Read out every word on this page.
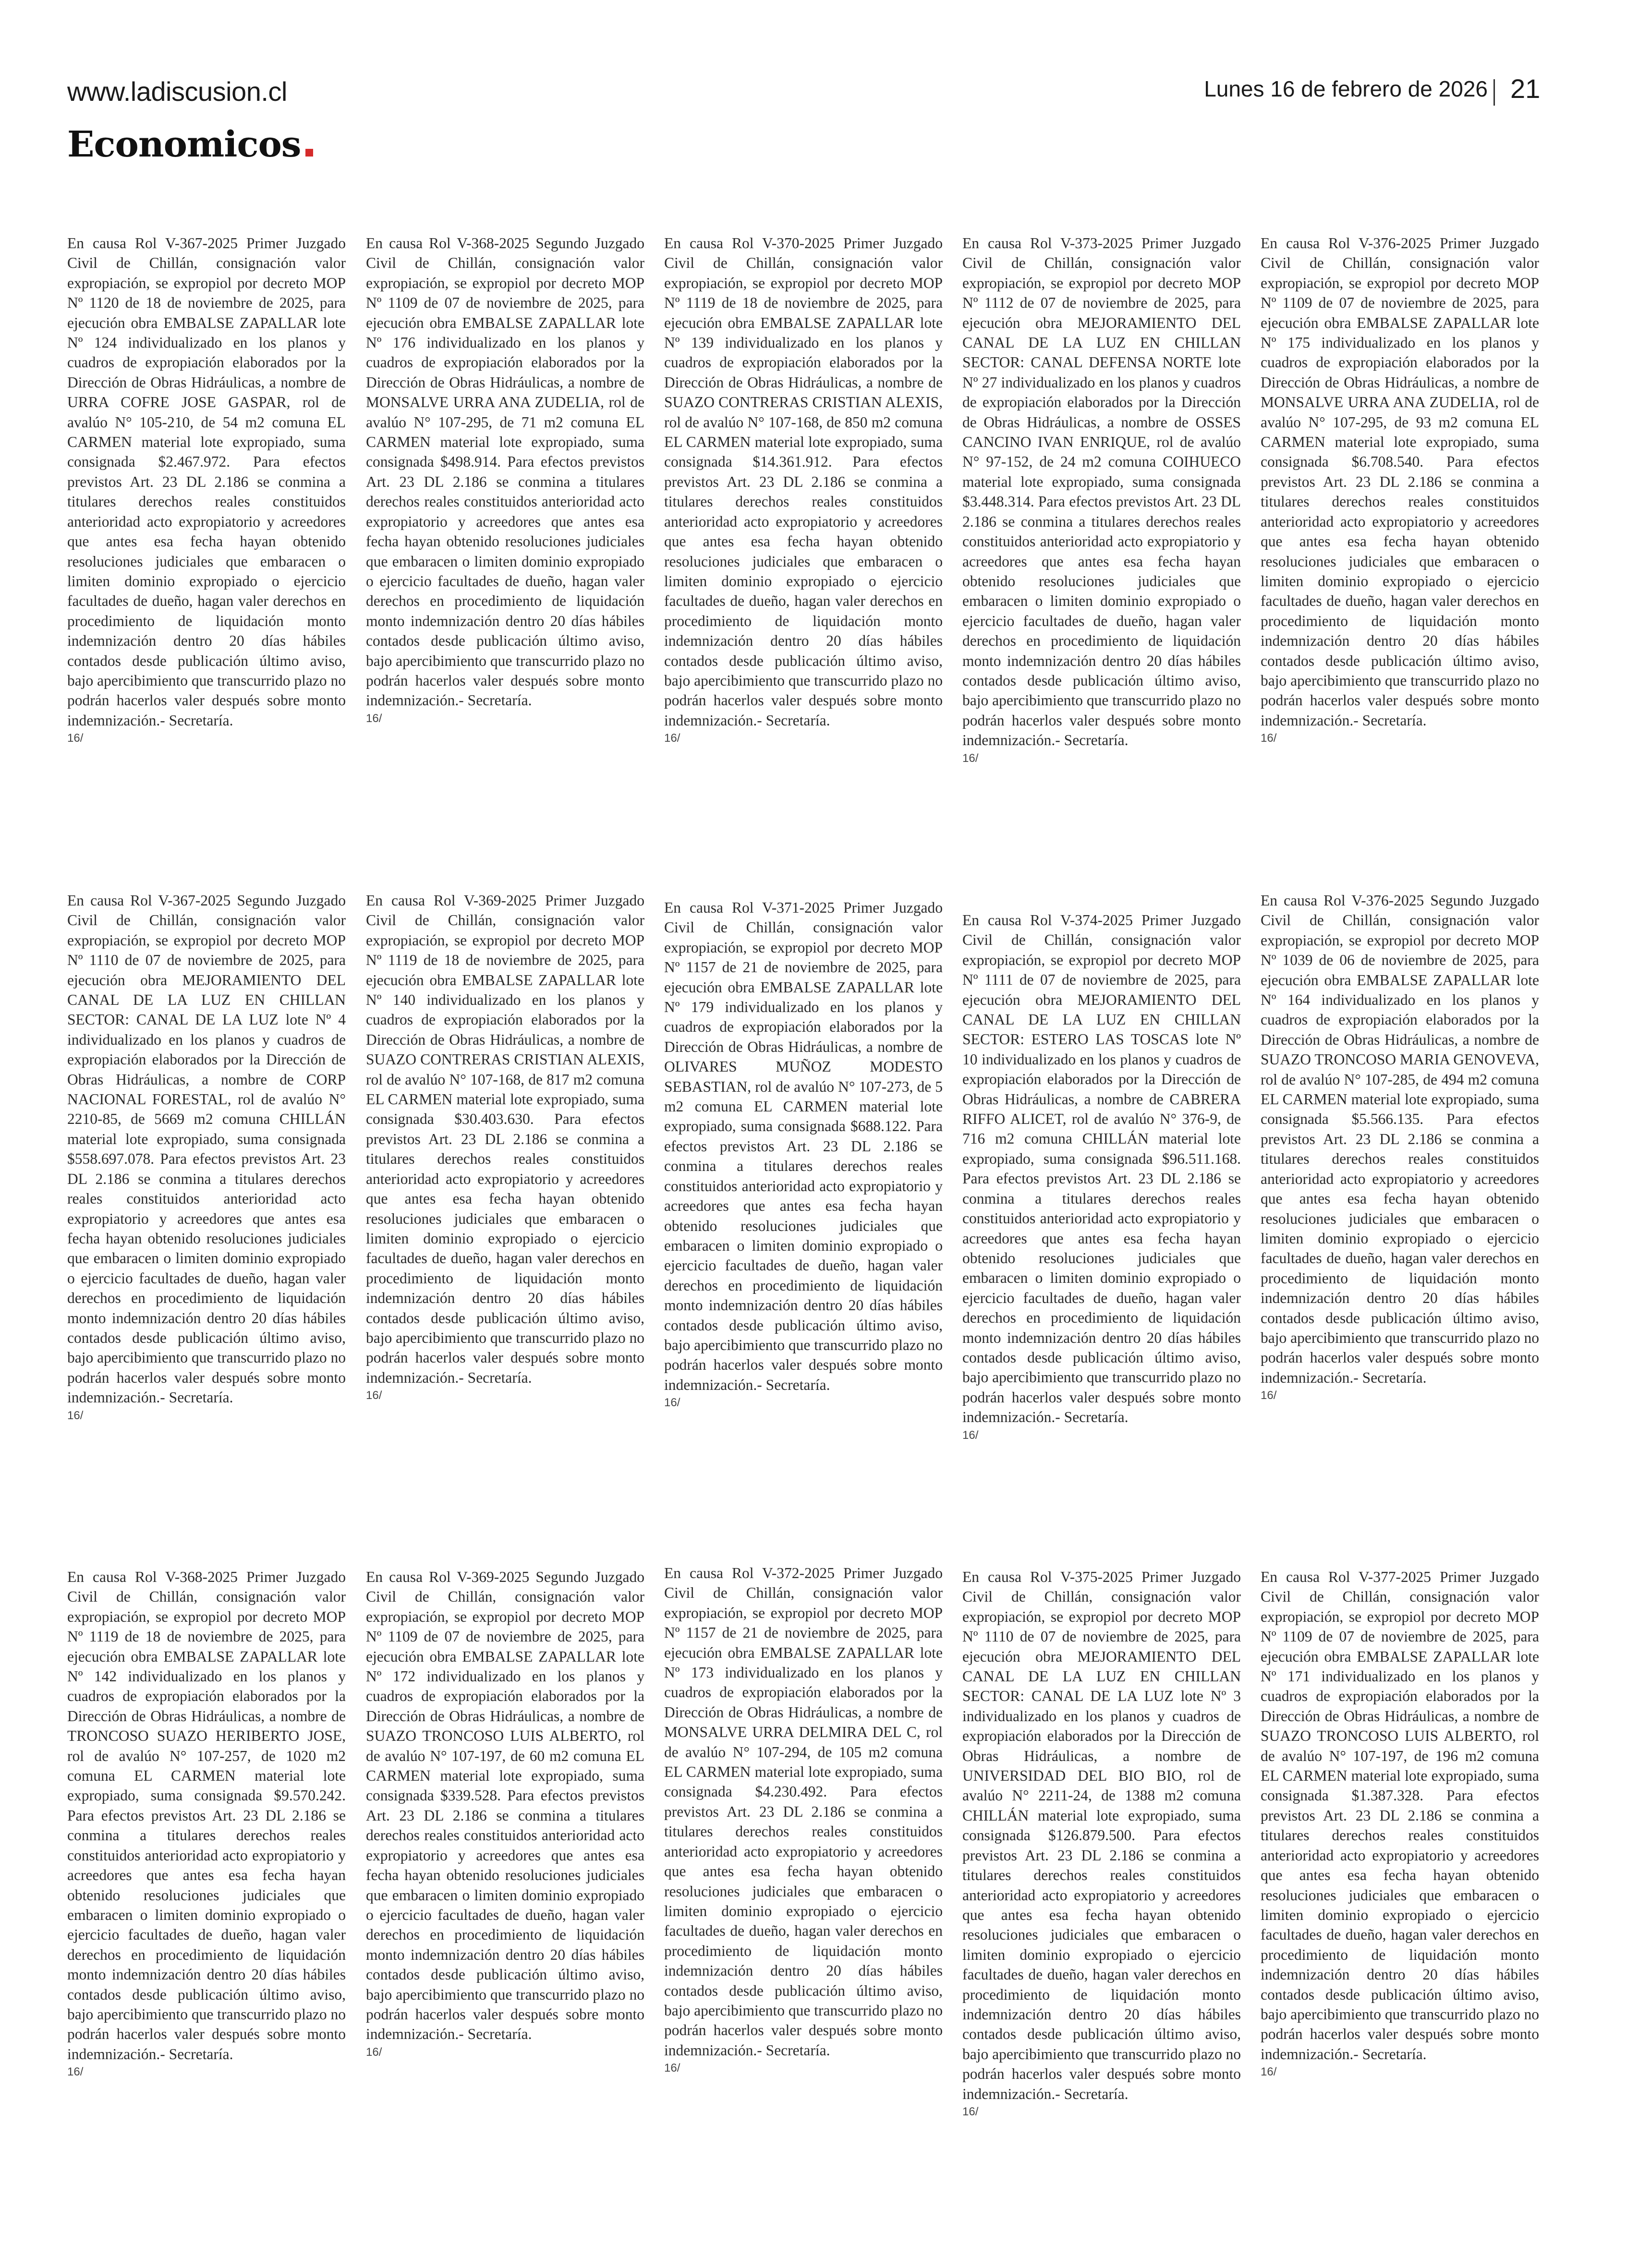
www.ladiscusion.cl	Lunes 16 de febrero de 2026 21
Economicos
En causa Rol V-367-2025 Primer Juzgado Civil de Chillán, consignación valor expropiación, se expropiol por decreto MOP Nº 1120 de 18 de noviembre de 2025, para ejecución obra EMBALSE ZAPALLAR lote Nº 124 individualizado en los planos y cuadros de expropiación elaborados por la Dirección de Obras Hidráulicas, a nombre de URRA COFRE JOSE GASPAR, rol de avalúo N° 105-210, de 54 m2 comuna EL CARMEN material lote expropiado, suma consignada $2.467.972. Para efectos previstos Art. 23 DL 2.186 se conmina a titulares derechos reales constituidos anterioridad acto expropiatorio y acreedores que antes esa fecha hayan obtenido resoluciones judiciales que embaracen o limiten dominio expropiado o ejercicio facultades de dueño, hagan valer derechos en procedimiento de liquidación monto indemnización dentro 20 días hábiles contados desde publicación último aviso, bajo apercibimiento que transcurrido plazo no podrán hacerlos valer después sobre monto indemnización.- Secretaría.
16/
En causa Rol V-368-2025 Segundo Juzgado Civil de Chillán, consignación valor expropiación, se expropiol por decreto MOP Nº 1109 de 07 de noviembre de 2025, para ejecución obra EMBALSE ZAPALLAR lote Nº 176 individualizado en los planos y cuadros de expropiación elaborados por la Dirección de Obras Hidráulicas, a nombre de MONSALVE URRA ANA ZUDELIA, rol de avalúo N° 107-295, de 71 m2 comuna EL CARMEN material lote expropiado, suma consignada $498.914. Para efectos previstos Art. 23 DL 2.186 se conmina a titulares derechos reales constituidos anterioridad acto expropiatorio y acreedores que antes esa fecha hayan obtenido resoluciones judiciales que embaracen o limiten dominio expropiado o ejercicio facultades de dueño, hagan valer derechos en procedimiento de liquidación monto indemnización dentro 20 días hábiles contados desde publicación último aviso, bajo apercibimiento que transcurrido plazo no podrán hacerlos valer después sobre monto indemnización.- Secretaría.
16/
En causa Rol V-370-2025 Primer Juzgado Civil de Chillán, consignación valor expropiación, se expropiol por decreto MOP Nº 1119 de 18 de noviembre de 2025, para ejecución obra EMBALSE ZAPALLAR lote Nº 139 individualizado en los planos y cuadros de expropiación elaborados por la Dirección de Obras Hidráulicas, a nombre de SUAZO CONTRERAS CRISTIAN ALEXIS, rol de avalúo N° 107-168, de 850 m2 comuna EL CARMEN material lote expropiado, suma consignada $14.361.912. Para efectos previstos Art. 23 DL 2.186 se conmina a titulares derechos reales constituidos anterioridad acto expropiatorio y acreedores que antes esa fecha hayan obtenido resoluciones judiciales que embaracen o limiten dominio expropiado o ejercicio facultades de dueño, hagan valer derechos en procedimiento de liquidación monto indemnización dentro 20 días hábiles contados desde publicación último aviso, bajo apercibimiento que transcurrido plazo no podrán hacerlos valer después sobre monto indemnización.- Secretaría.
16/
En causa Rol V-373-2025 Primer Juzgado Civil de Chillán, consignación valor expropiación, se expropiol por decreto MOP Nº 1112 de 07 de noviembre de 2025, para ejecución obra MEJORAMIENTO DEL CANAL DE LA LUZ EN CHILLAN SECTOR: CANAL DEFENSA NORTE lote Nº 27 individualizado en los planos y cuadros de expropiación elaborados por la Dirección de Obras Hidráulicas, a nombre de OSSES CANCINO IVAN ENRIQUE, rol de avalúo N° 97-152, de 24 m2 comuna COIHUECO material lote expropiado, suma consignada $3.448.314. Para efectos previstos Art. 23 DL 2.186 se conmina a titulares derechos reales constituidos anterioridad acto expropiatorio y acreedores que antes esa fecha hayan obtenido resoluciones judiciales que embaracen o limiten dominio expropiado o ejercicio facultades de dueño, hagan valer derechos en procedimiento de liquidación monto indemnización dentro 20 días hábiles contados desde publicación último aviso, bajo apercibimiento que transcurrido plazo no podrán hacerlos valer después sobre monto indemnización.- Secretaría.
16/
En causa Rol V-376-2025 Primer Juzgado Civil de Chillán, consignación valor expropiación, se expropiol por decreto MOP Nº 1109 de 07 de noviembre de 2025, para ejecución obra EMBALSE ZAPALLAR lote Nº 175 individualizado en los planos y cuadros de expropiación elaborados por la Dirección de Obras Hidráulicas, a nombre de MONSALVE URRA ANA ZUDELIA, rol de avalúo N° 107-295, de 93 m2 comuna EL CARMEN material lote expropiado, suma consignada $6.708.540. Para efectos previstos Art. 23 DL 2.186 se conmina a titulares derechos reales constituidos anterioridad acto expropiatorio y acreedores que antes esa fecha hayan obtenido resoluciones judiciales que embaracen o limiten dominio expropiado o ejercicio facultades de dueño, hagan valer derechos en procedimiento de liquidación monto indemnización dentro 20 días hábiles contados desde publicación último aviso, bajo apercibimiento que transcurrido plazo no podrán hacerlos valer después sobre monto indemnización.- Secretaría.
16/
En causa Rol V-367-2025 Segundo Juzgado Civil de Chillán, consignación valor expropiación, se expropiol por decreto MOP Nº 1110 de 07 de noviembre de 2025, para ejecución obra MEJORAMIENTO DEL CANAL DE LA LUZ EN CHILLAN SECTOR: CANAL DE LA LUZ lote Nº 4 individualizado en los planos y cuadros de expropiación elaborados por la Dirección de Obras Hidráulicas, a nombre de CORP NACIONAL FORESTAL, rol de avalúo N° 2210-85, de 5669 m2 comuna CHILLÁN material lote expropiado, suma consignada $558.697.078. Para efectos previstos Art. 23 DL 2.186 se conmina a titulares derechos reales constituidos anterioridad acto expropiatorio y acreedores que antes esa fecha hayan obtenido resoluciones judiciales que embaracen o limiten dominio expropiado o ejercicio facultades de dueño, hagan valer derechos en procedimiento de liquidación monto indemnización dentro 20 días hábiles contados desde publicación último aviso, bajo apercibimiento que transcurrido plazo no podrán hacerlos valer después sobre monto indemnización.- Secretaría.
16/
En causa Rol V-369-2025 Primer Juzgado Civil de Chillán, consignación valor expropiación, se expropiol por decreto MOP Nº 1119 de 18 de noviembre de 2025, para ejecución obra EMBALSE ZAPALLAR lote Nº 140 individualizado en los planos y cuadros de expropiación elaborados por la Dirección de Obras Hidráulicas, a nombre de SUAZO CONTRERAS CRISTIAN ALEXIS, rol de avalúo N° 107-168, de 817 m2 comuna EL CARMEN material lote expropiado, suma consignada $30.403.630. Para efectos previstos Art. 23 DL 2.186 se conmina a titulares derechos reales constituidos anterioridad acto expropiatorio y acreedores que antes esa fecha hayan obtenido resoluciones judiciales que embaracen o limiten dominio expropiado o ejercicio facultades de dueño, hagan valer derechos en procedimiento de liquidación monto indemnización dentro 20 días hábiles contados desde publicación último aviso, bajo apercibimiento que transcurrido plazo no podrán hacerlos valer después sobre monto indemnización.- Secretaría.
16/
En causa Rol V-371-2025 Primer Juzgado Civil de Chillán, consignación valor expropiación, se expropiol por decreto MOP Nº 1157 de 21 de noviembre de 2025, para ejecución obra EMBALSE ZAPALLAR lote Nº 179 individualizado en los planos y cuadros de expropiación elaborados por la Dirección de Obras Hidráulicas, a nombre de OLIVARES MUÑOZ MODESTO SEBASTIAN, rol de avalúo N° 107-273, de 5 m2 comuna EL CARMEN material lote expropiado, suma consignada $688.122. Para efectos previstos Art. 23 DL 2.186 se conmina a titulares derechos reales constituidos anterioridad acto expropiatorio y acreedores que antes esa fecha hayan obtenido resoluciones judiciales que embaracen o limiten dominio expropiado o ejercicio facultades de dueño, hagan valer derechos en procedimiento de liquidación monto indemnización dentro 20 días hábiles contados desde publicación último aviso, bajo apercibimiento que transcurrido plazo no podrán hacerlos valer después sobre monto indemnización.- Secretaría.
16/
En causa Rol V-374-2025 Primer Juzgado Civil de Chillán, consignación valor expropiación, se expropiol por decreto MOP Nº 1111 de 07 de noviembre de 2025, para ejecución obra MEJORAMIENTO DEL CANAL DE LA LUZ EN CHILLAN SECTOR: ESTERO LAS TOSCAS lote Nº 10 individualizado en los planos y cuadros de expropiación elaborados por la Dirección de Obras Hidráulicas, a nombre de CABRERA RIFFO ALICET, rol de avalúo N° 376-9, de 716 m2 comuna CHILLÁN material lote expropiado, suma consignada $96.511.168. Para efectos previstos Art. 23 DL 2.186 se conmina a titulares derechos reales constituidos anterioridad acto expropiatorio y acreedores que antes esa fecha hayan obtenido resoluciones judiciales que embaracen o limiten dominio expropiado o ejercicio facultades de dueño, hagan valer derechos en procedimiento de liquidación monto indemnización dentro 20 días hábiles contados desde publicación último aviso, bajo apercibimiento que transcurrido plazo no podrán hacerlos valer después sobre monto indemnización.- Secretaría.
16/
En causa Rol V-376-2025 Segundo Juzgado Civil de Chillán, consignación valor expropiación, se expropiol por decreto MOP Nº 1039 de 06 de noviembre de 2025, para ejecución obra EMBALSE ZAPALLAR lote Nº 164 individualizado en los planos y cuadros de expropiación elaborados por la Dirección de Obras Hidráulicas, a nombre de SUAZO TRONCOSO MARIA GENOVEVA, rol de avalúo N° 107-285, de 494 m2 comuna EL CARMEN material lote expropiado, suma consignada $5.566.135. Para efectos previstos Art. 23 DL 2.186 se conmina a titulares derechos reales constituidos anterioridad acto expropiatorio y acreedores que antes esa fecha hayan obtenido resoluciones judiciales que embaracen o limiten dominio expropiado o ejercicio facultades de dueño, hagan valer derechos en procedimiento de liquidación monto indemnización dentro 20 días hábiles contados desde publicación último aviso, bajo apercibimiento que transcurrido plazo no podrán hacerlos valer después sobre monto indemnización.- Secretaría.
16/
En causa Rol V-368-2025 Primer Juzgado Civil de Chillán, consignación valor expropiación, se expropiol por decreto MOP Nº 1119 de 18 de noviembre de 2025, para ejecución obra EMBALSE ZAPALLAR lote Nº 142 individualizado en los planos y cuadros de expropiación elaborados por la Dirección de Obras Hidráulicas, a nombre de TRONCOSO SUAZO HERIBERTO JOSE, rol de avalúo N° 107-257, de 1020 m2 comuna EL CARMEN material lote expropiado, suma consignada $9.570.242. Para efectos previstos Art. 23 DL 2.186 se conmina a titulares derechos reales constituidos anterioridad acto expropiatorio y acreedores que antes esa fecha hayan obtenido resoluciones judiciales que embaracen o limiten dominio expropiado o ejercicio facultades de dueño, hagan valer derechos en procedimiento de liquidación monto indemnización dentro 20 días hábiles contados desde publicación último aviso, bajo apercibimiento que transcurrido plazo no podrán hacerlos valer después sobre monto indemnización.- Secretaría.
16/
En causa Rol V-369-2025 Segundo Juzgado Civil de Chillán, consignación valor expropiación, se expropiol por decreto MOP Nº 1109 de 07 de noviembre de 2025, para ejecución obra EMBALSE ZAPALLAR lote Nº 172 individualizado en los planos y cuadros de expropiación elaborados por la Dirección de Obras Hidráulicas, a nombre de SUAZO TRONCOSO LUIS ALBERTO, rol de avalúo N° 107-197, de 60 m2 comuna EL CARMEN material lote expropiado, suma consignada $339.528. Para efectos previstos Art. 23 DL 2.186 se conmina a titulares derechos reales constituidos anterioridad acto expropiatorio y acreedores que antes esa fecha hayan obtenido resoluciones judiciales que embaracen o limiten dominio expropiado o ejercicio facultades de dueño, hagan valer derechos en procedimiento de liquidación monto indemnización dentro 20 días hábiles contados desde publicación último aviso, bajo apercibimiento que transcurrido plazo no podrán hacerlos valer después sobre monto indemnización.- Secretaría.
16/
En causa Rol V-372-2025 Primer Juzgado Civil de Chillán, consignación valor expropiación, se expropiol por decreto MOP Nº 1157 de 21 de noviembre de 2025, para ejecución obra EMBALSE ZAPALLAR lote Nº 173 individualizado en los planos y cuadros de expropiación elaborados por la Dirección de Obras Hidráulicas, a nombre de MONSALVE URRA DELMIRA DEL C, rol de avalúo N° 107-294, de 105 m2 comuna EL CARMEN material lote expropiado, suma consignada $4.230.492. Para efectos previstos Art. 23 DL 2.186 se conmina a titulares derechos reales constituidos anterioridad acto expropiatorio y acreedores que antes esa fecha hayan obtenido resoluciones judiciales que embaracen o limiten dominio expropiado o ejercicio facultades de dueño, hagan valer derechos en procedimiento de liquidación monto indemnización dentro 20 días hábiles contados desde publicación último aviso, bajo apercibimiento que transcurrido plazo no podrán hacerlos valer después sobre monto indemnización.- Secretaría.
16/
En causa Rol V-375-2025 Primer Juzgado Civil de Chillán, consignación valor expropiación, se expropiol por decreto MOP Nº 1110 de 07 de noviembre de 2025, para ejecución obra MEJORAMIENTO DEL CANAL DE LA LUZ EN CHILLAN SECTOR: CANAL DE LA LUZ lote Nº 3 individualizado en los planos y cuadros de expropiación elaborados por la Dirección de Obras Hidráulicas, a nombre de UNIVERSIDAD DEL BIO BIO, rol de avalúo N° 2211-24, de 1388 m2 comuna CHILLÁN material lote expropiado, suma consignada $126.879.500. Para efectos previstos Art. 23 DL 2.186 se conmina a titulares derechos reales constituidos anterioridad acto expropiatorio y acreedores que antes esa fecha hayan obtenido resoluciones judiciales que embaracen o limiten dominio expropiado o ejercicio facultades de dueño, hagan valer derechos en procedimiento de liquidación monto indemnización dentro 20 días hábiles contados desde publicación último aviso, bajo apercibimiento que transcurrido plazo no podrán hacerlos valer después sobre monto indemnización.- Secretaría.
16/
En causa Rol V-377-2025 Primer Juzgado Civil de Chillán, consignación valor expropiación, se expropiol por decreto MOP Nº 1109 de 07 de noviembre de 2025, para ejecución obra EMBALSE ZAPALLAR lote Nº 171 individualizado en los planos y cuadros de expropiación elaborados por la Dirección de Obras Hidráulicas, a nombre de SUAZO TRONCOSO LUIS ALBERTO, rol de avalúo N° 107-197, de 196 m2 comuna EL CARMEN material lote expropiado, suma consignada $1.387.328. Para efectos previstos Art. 23 DL 2.186 se conmina a titulares derechos reales constituidos anterioridad acto expropiatorio y acreedores que antes esa fecha hayan obtenido resoluciones judiciales que embaracen o limiten dominio expropiado o ejercicio facultades de dueño, hagan valer derechos en procedimiento de liquidación monto indemnización dentro 20 días hábiles contados desde publicación último aviso, bajo apercibimiento que transcurrido plazo no podrán hacerlos valer después sobre monto indemnización.- Secretaría.
16/
